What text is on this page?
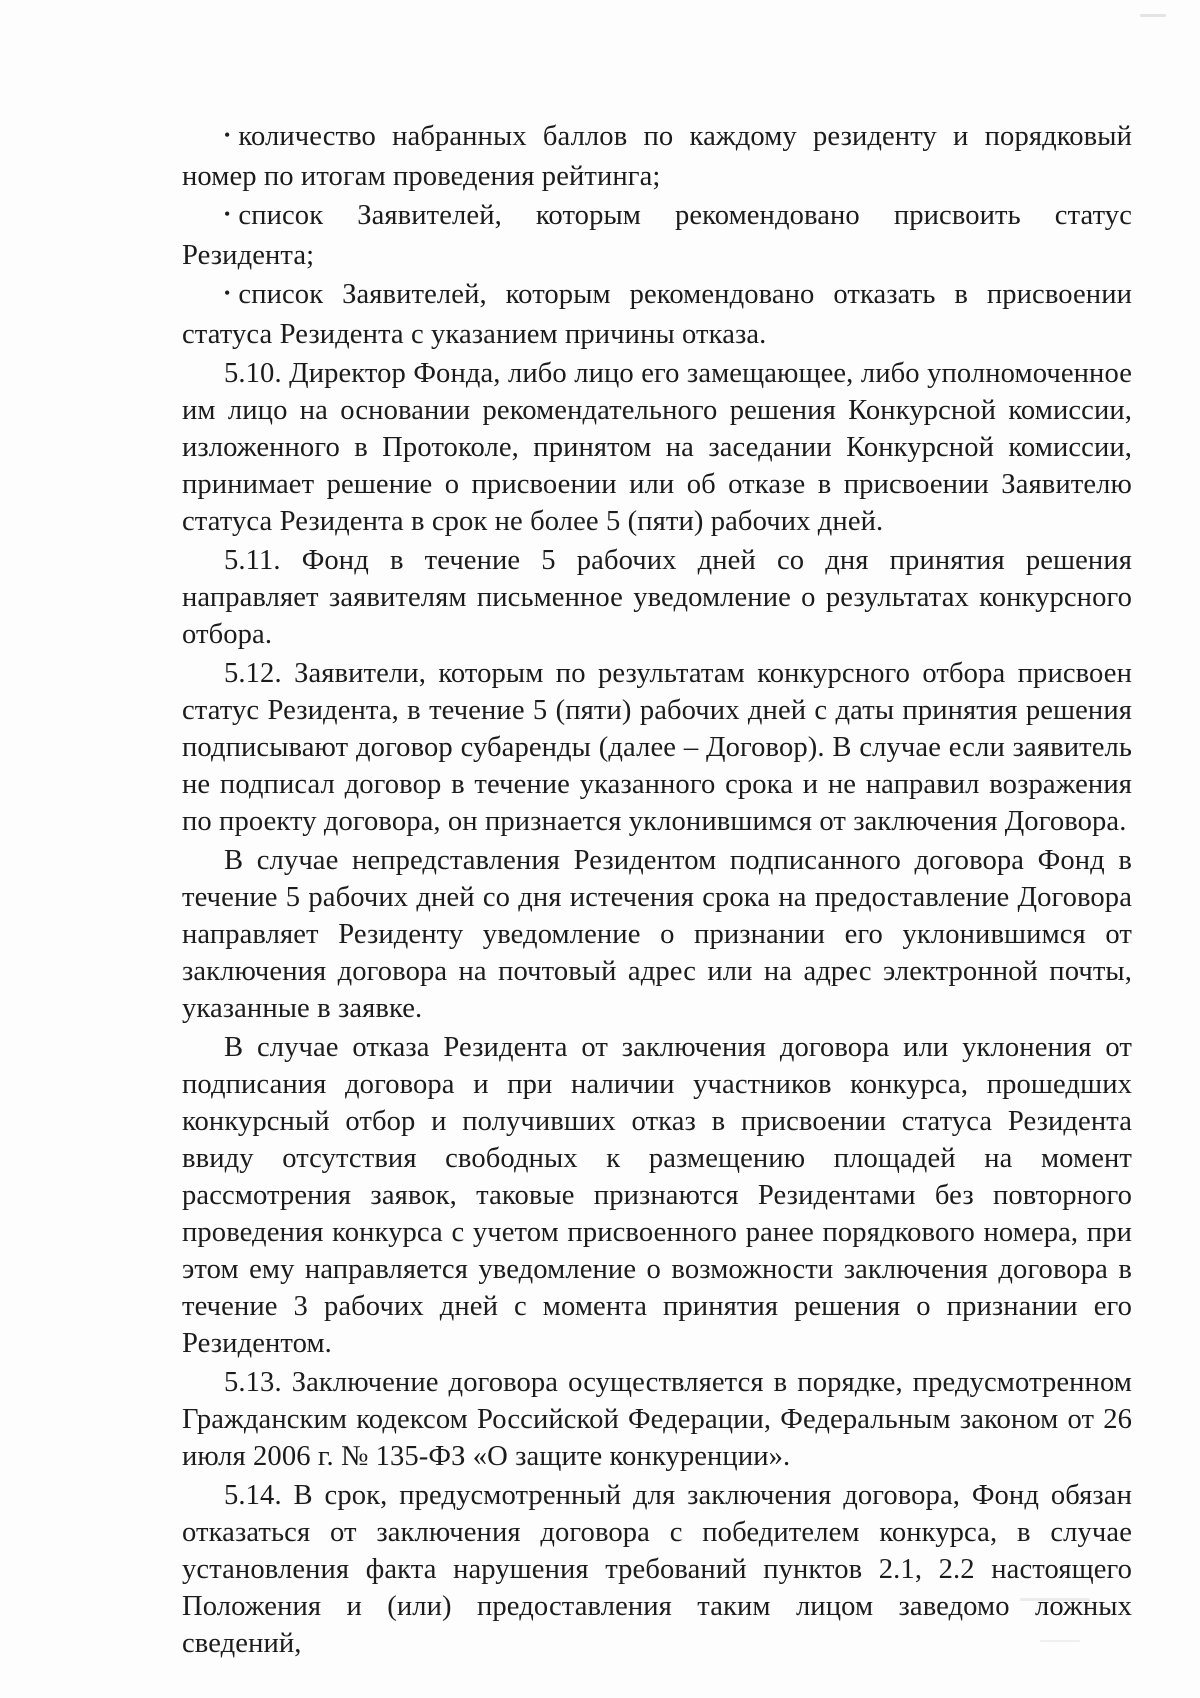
• количество набранных баллов по каждому резиденту и порядковый номер по итогам проведения рейтинга;

• список Заявителей, которым рекомендовано присвоить статус Резидента;

• список Заявителей, которым рекомендовано отказать в присвоении статуса Резидента с указанием причины отказа.

5.10. Директор Фонда, либо лицо его замещающее, либо уполномоченное им лицо на основании рекомендательного решения Конкурсной комиссии, изложенного в Протоколе, принятом на заседании Конкурсной комиссии, принимает решение о присвоении или об отказе в присвоении Заявителю статуса Резидента в срок не более 5 (пяти) рабочих дней.

5.11. Фонд в течение 5 рабочих дней со дня принятия решения направляет заявителям письменное уведомление о результатах конкурсного отбора.

5.12. Заявители, которым по результатам конкурсного отбора присвоен статус Резидента, в течение 5 (пяти) рабочих дней с даты принятия решения подписывают договор субаренды (далее – Договор). В случае если заявитель не подписал договор в течение указанного срока и не направил возражения по проекту договора, он признается уклонившимся от заключения Договора.

В случае непредставления Резидентом подписанного договора Фонд в течение 5 рабочих дней со дня истечения срока на предоставление Договора направляет Резиденту уведомление о признании его уклонившимся от заключения договора на почтовый адрес или на адрес электронной почты, указанные в заявке.

В случае отказа Резидента от заключения договора или уклонения от подписания договора и при наличии участников конкурса, прошедших конкурсный отбор и получивших отказ в присвоении статуса Резидента ввиду отсутствия свободных к размещению площадей на момент рассмотрения заявок, таковые признаются Резидентами без повторного проведения конкурса с учетом присвоенного ранее порядкового номера, при этом ему направляется уведомление о возможности заключения договора в течение 3 рабочих дней с момента принятия решения о признании его Резидентом.

5.13. Заключение договора осуществляется в порядке, предусмотренном Гражданским кодексом Российской Федерации, Федеральным законом от 26 июля 2006 г. № 135-ФЗ «О защите конкуренции».

5.14. В срок, предусмотренный для заключения договора, Фонд обязан отказаться от заключения договора с победителем конкурса, в случае установления факта нарушения требований пунктов 2.1, 2.2 настоящего Положения и (или) предоставления таким лицом заведомо ложных сведений,
